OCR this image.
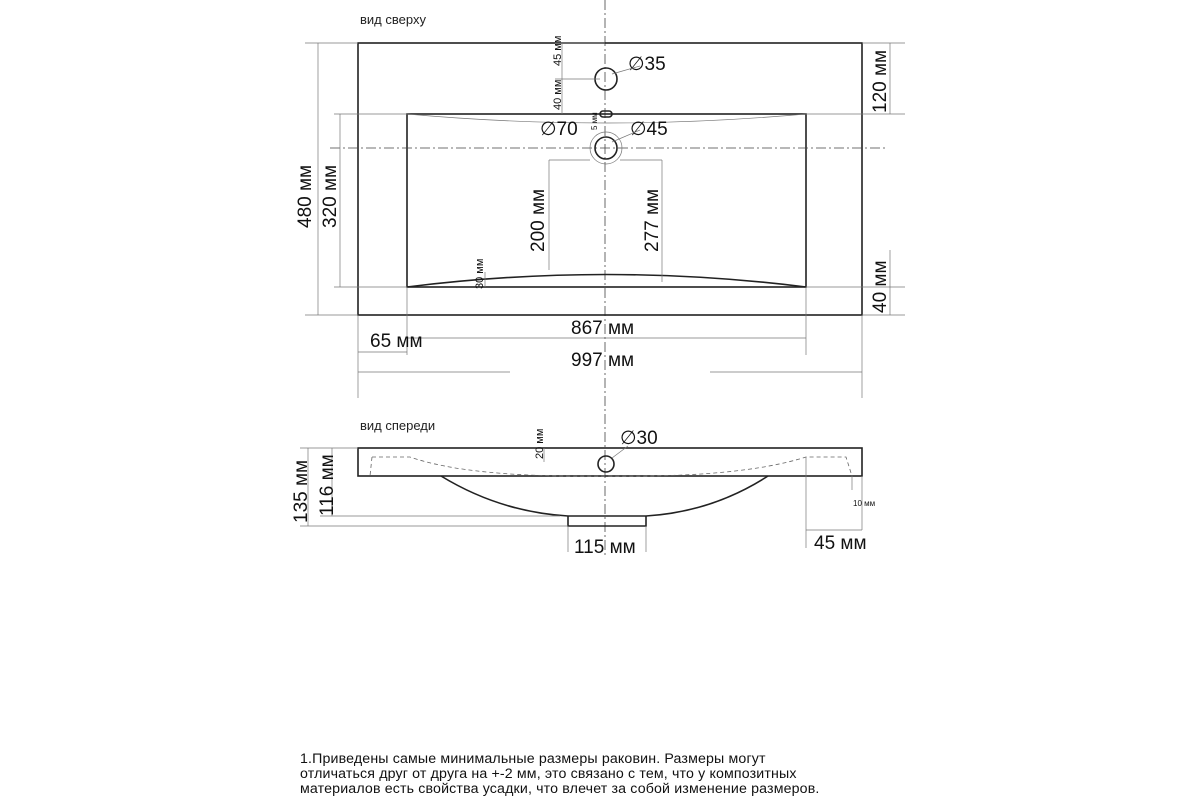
вид сверху
∅35
∅70	∅45
45 мм
40 мм
5 мм
480 мм 320 мм	200 мм	277 мм
30 мм
120 мм
40 мм
867 мм
65 мм
997 мм
вид спереди
∅30
20 мм
135 мм 116 мм
115 мм	45 мм
10 мм
1.Приведены самые минимальные размеры раковин. Размеры могут
отличаться друг от друга на +-2 мм, это связано с тем, что у композитных
материалов есть свойства усадки, что влечет за собой изменение размеров.
